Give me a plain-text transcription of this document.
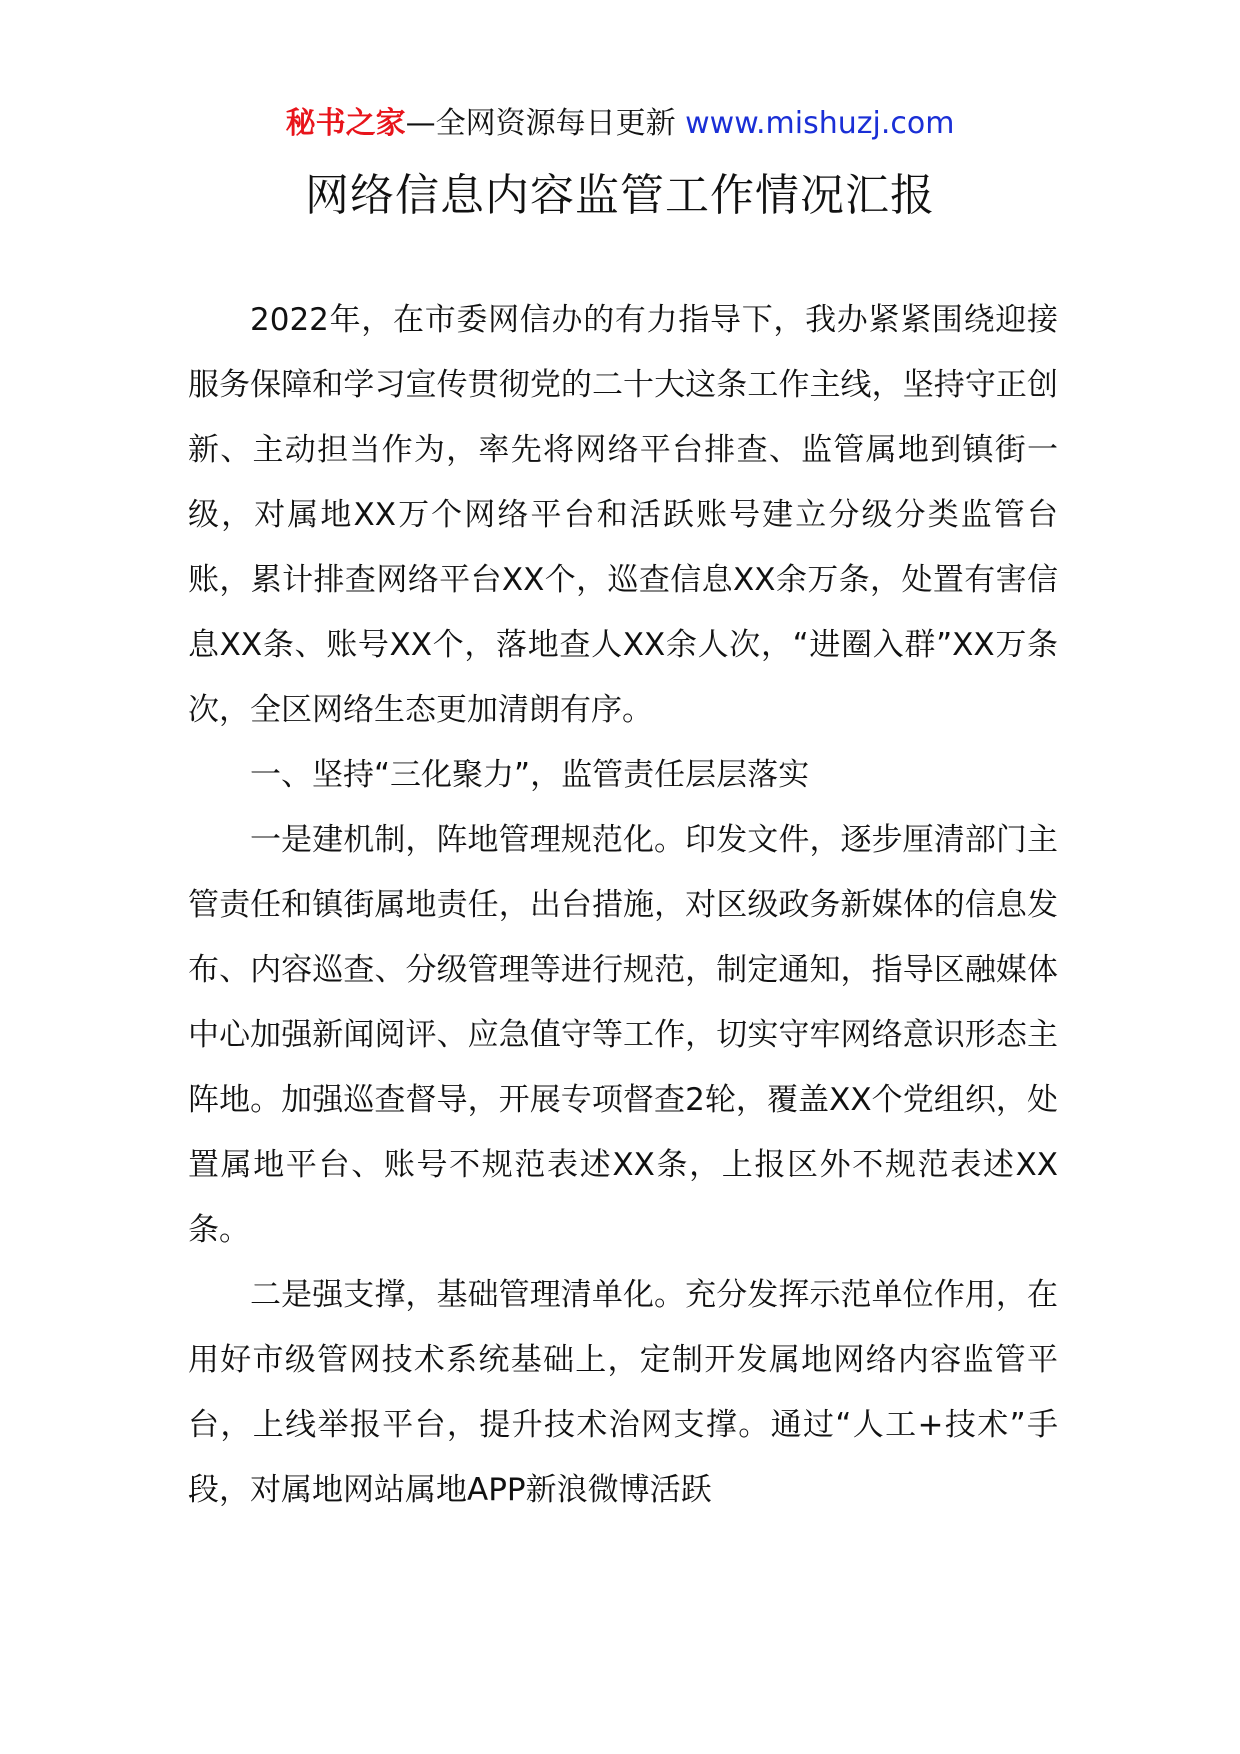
秘书之家—全网资源每日更新 www.mishuzj.com
网络信息内容监管工作情况汇报

2022年，在市委网信办的有力指导下，我办紧紧围绕迎接服务保障和学习宣传贯彻党的二十大这条工作主线，坚持守正创新、主动担当作为，率先将网络平台排查、监管属地到镇街一级，对属地XX万个网络平台和活跃账号建立分级分类监管台账，累计排查网络平台XX个，巡查信息XX余万条，处置有害信息XX条、账号XX个，落地查人XX余人次，“进圈入群”XX万条次，全区网络生态更加清朗有序。

一、坚持“三化聚力”，监管责任层层落实

一是建机制，阵地管理规范化。印发文件，逐步厘清部门主管责任和镇街属地责任，出台措施，对区级政务新媒体的信息发布、内容巡查、分级管理等进行规范，制定通知，指导区融媒体中心加强新闻阅评、应急值守等工作，切实守牢网络意识形态主阵地。加强巡查督导，开展专项督查2轮，覆盖XX个党组织，处置属地平台、账号不规范表述XX条，上报区外不规范表述XX条。

二是强支撑，基础管理清单化。充分发挥示范单位作用，在用好市级管网技术系统基础上，定制开发属地网络内容监管平台，上线举报平台，提升技术治网支撑。通过“人工+技术”手段，对属地网站属地APP新浪微博活跃
